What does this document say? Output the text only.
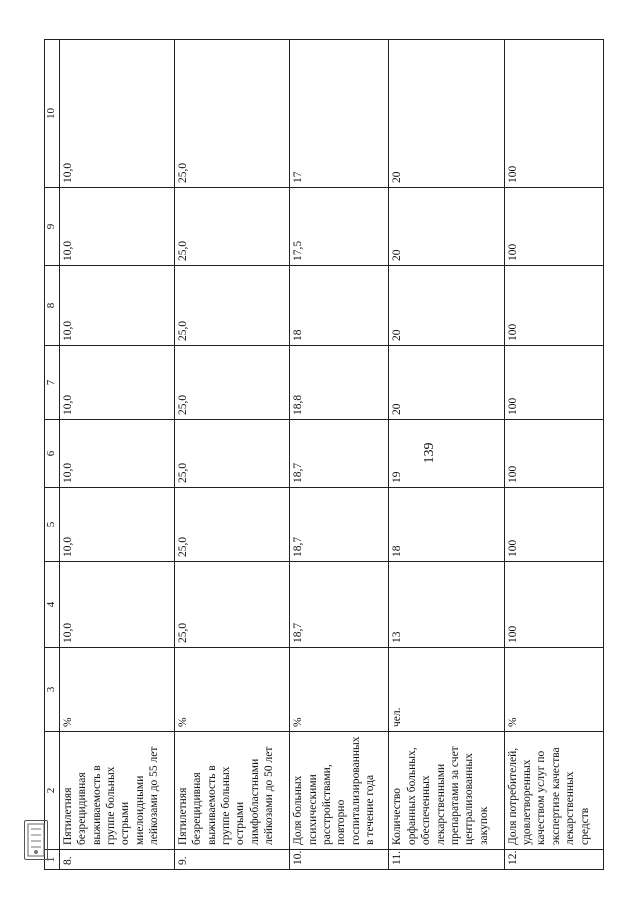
139
1	2	3	4	5	6	7	8	9	10
8.	Пятилетняя безрецидивная выживаемость в группе больных острыми миелоидными лейкозами до 55 лет	%	10,0	10,0	10,0	10,0	10,0	10,0	10,0
9.	Пятилетняя безрецидивная выживаемость в группе больных острыми лимфобластными лейкозами до 50 лет	%	25,0	25,0	25,0	25,0	25,0	25,0	25,0
10.	Доля больных психическими расстройствами, повторно госпитализированных в течение года	%	18,7	18,7	18,7	18,8	18	17,5	17
11.	Количество орфанных больных, обеспеченных лекарственными препаратами за счет централизованных закупок	чел.	13	18	19	20	20	20	20
12.	Доля потребителей, удовлетворенных качеством услуг по экспертизе качества лекарственных средств	%	100	100	100	100	100	100	100
